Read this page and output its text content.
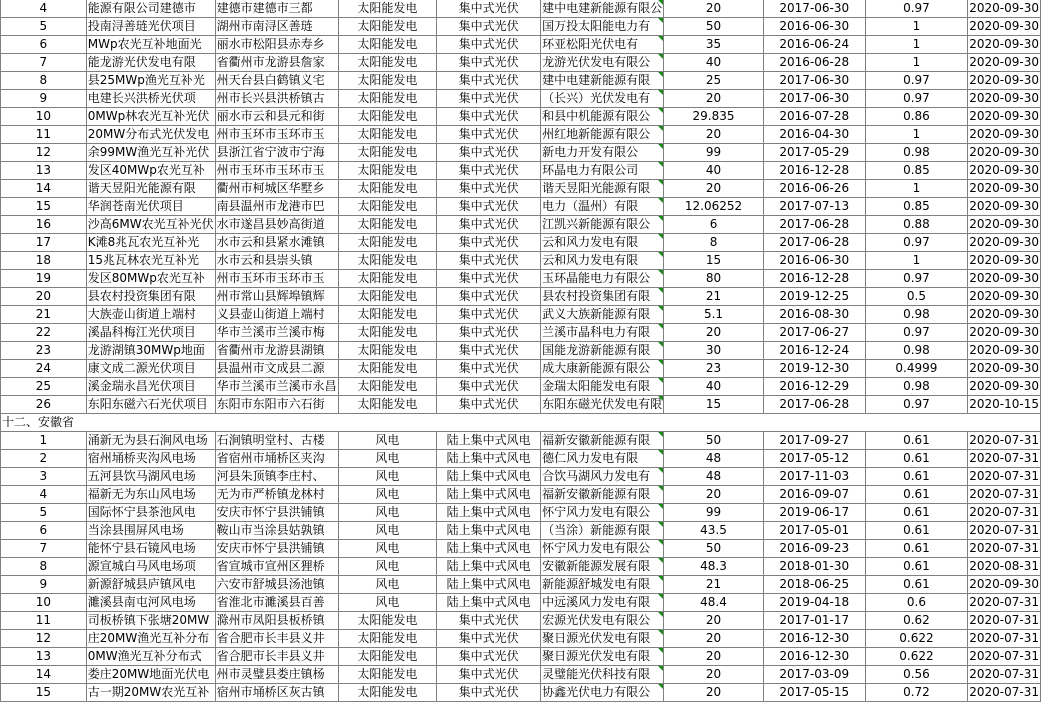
4	能源有限公司建德市	建德市建德市三都	太阳能发电	集中式光伏	建中电建新能源有限公	20	2017-06-30	0.97	2020-09-30
5	投南浔善琏光伏项目	湖州市南浔区善琏	太阳能发电	集中式光伏	国万投太阳能电力有	50	2016-06-30	1	2020-09-30
6	MWp农光互补地面光	丽水市松阳县赤寿乡	太阳能发电	集中式光伏	环亚松阳光伏电有	35	2016-06-24	1	2020-09-30
7	能龙游光伏发电有限	省衢州市龙游县詹家	太阳能发电	集中式光伏	龙游光伏发电有限公	40	2016-06-28	1	2020-09-30
8	县25MWp渔光互补光	州天台县白鹤镇义宅	太阳能发电	集中式光伏	建中电建新能源有限	25	2017-06-30	0.97	2020-09-30
9	电建长兴洪桥光伏项	州市长兴县洪桥镇古	太阳能发电	集中式光伏	（长兴）光伏发电有	20	2017-06-30	0.97	2020-09-30
10	0MWp林农光互补光伏	丽水市云和县元和街	太阳能发电	集中式光伏	和县中机能源有限公	29.835	2016-07-28	0.86	2020-09-30
11	20MW分布式光伏发电	州市玉环市玉环市玉	太阳能发电	集中式光伏	州红地新能源有限公	20	2016-04-30	1	2020-09-30
12	余99MW渔光互补光伏	县浙江省宁波市宁海	太阳能发电	集中式光伏	新电力开发有限公	99	2017-05-29	0.98	2020-09-30
13	发区40MWp农光互补	州市玉环市玉环市玉	太阳能发电	集中式光伏	环晶电力有限公司	40	2016-12-28	0.85	2020-09-30
14	谐天昱阳光能源有限	衢州市柯城区华墅乡	太阳能发电	集中式光伏	谐天昱阳光能源有限	20	2016-06-26	1	2020-09-30
15	华润苍南光伏项目	南县温州市龙港市巴	太阳能发电	集中式光伏	电力（温州）有限	12.06252	2017-07-13	0.85	2020-09-30
16	沙高6MW农光互补光伏	水市遂昌县妙高街道	太阳能发电	集中式光伏	江凯兴新能源有限公	6	2017-06-28	0.88	2020-09-30
17	K滩8兆瓦农光互补光	水市云和县紧水滩镇	太阳能发电	集中式光伏	云和风力发电有限	8	2017-06-28	0.97	2020-09-30
18	15兆瓦林农光互补光	水市云和县崇头镇	太阳能发电	集中式光伏	云和风力发电有限	15	2016-06-30	1	2020-09-30
19	发区80MWp农光互补	州市玉环市玉环市玉	太阳能发电	集中式光伏	玉环晶能电力有限公	80	2016-12-28	0.97	2020-09-30
20	县农村投资集团有限	州市常山县辉埠镇辉	太阳能发电	集中式光伏	县农村投资集团有限	21	2019-12-25	0.5	2020-09-30
21	大族壶山街道上端村	义县壶山街道上端村	太阳能发电	集中式光伏	武义大族新能源有限	5.1	2016-08-30	0.98	2020-09-30
22	溪晶科梅江光伏项目	华市兰溪市兰溪市梅	太阳能发电	集中式光伏	兰溪市晶科电力有限	20	2017-06-27	0.97	2020-09-30
23	龙游湖镇30MWp地面	省衢州市龙游县湖镇	太阳能发电	集中式光伏	国能龙游新能源有限	30	2016-12-24	0.98	2020-09-30
24	康文成二源光伏项目	县温州市文成县二源	太阳能发电	集中式光伏	成大康新能源有限公	23	2019-12-30	0.4999	2020-09-30
25	溪金瑞永昌光伏项目	华市兰溪市兰溪市永昌	太阳能发电	集中式光伏	金瑞太阳能发电有限	40	2016-12-29	0.98	2020-09-30
26	东阳东磁六石光伏项目	东阳市东阳市六石街	太阳能发电	集中式光伏	东阳东磁光伏发电有限	15	2017-06-28	0.97	2020-10-15
十二、安徽省									
1	涌新无为县石涧风电场	石涧镇明堂村、古楼	风电	陆上集中式风电	福新安徽新能源有限	50	2017-09-27	0.61	2020-07-31
2	宿州埇桥夹沟风电场	省宿州市埇桥区夹沟	风电	陆上集中式风电	德仁风力发电有限	48	2017-05-12	0.61	2020-07-31
3	五河县饮马湖风电场	河县朱顶镇李庄村、	风电	陆上集中式风电	合饮马湖风力发电有	48	2017-11-03	0.61	2020-07-31
4	福新无为东山风电场	无为市严桥镇龙林村	风电	陆上集中式风电	福新安徽新能源有限	20	2016-09-07	0.61	2020-07-31
5	国际怀宁县茶池风电	安庆市怀宁县洪铺镇	风电	陆上集中式风电	怀宁风力发电有限公	99	2019-06-17	0.61	2020-07-31
6	当涂县围屏风电场	鞍山市当涂县姑孰镇	风电	陆上集中式风电	（当涂）新能源有限	43.5	2017-05-01	0.61	2020-07-31
7	能怀宁县石镜风电场	安庆市怀宁县洪铺镇	风电	陆上集中式风电	怀宁风力发电有限公	50	2016-09-23	0.61	2020-07-31
8	源宣城白马风电场项	省宣城市宣州区狸桥	风电	陆上集中式风电	安徽新能源发展有限	48.3	2018-01-30	0.61	2020-08-31
9	新源舒城县庐镇风电	六安市舒城县汤池镇	风电	陆上集中式风电	新能源舒城发电有限	21	2018-06-25	0.61	2020-09-30
10	濉溪县南屯河风电场	省淮北市濉溪县百善	风电	陆上集中式风电	中远溪风力发电有限	48.4	2019-04-18	0.6	2020-07-31
11	司板桥镇下张塘20MW	滁州市凤阳县板桥镇	太阳能发电	集中式光伏	宏源光伏发电有限公	20	2017-01-17	0.62	2020-07-31
12	庄20MW渔光互补分布	省合肥市长丰县义井	太阳能发电	集中式光伏	聚日源光伏发电有限	20	2016-12-30	0.622	2020-07-31
13	0MW渔光互补分布式	省合肥市长丰县义井	太阳能发电	集中式光伏	聚日源光伏发电有限	20	2016-12-30	0.622	2020-07-31
14	娄庄20MW地面光伏电	州市灵璧县娄庄镇杨	太阳能发电	集中式光伏	灵璧能光伏科技有限	20	2017-03-09	0.56	2020-07-31
15	古一期20MW农光互补	宿州市埇桥区灰古镇	太阳能发电	集中式光伏	协鑫光伏电力有限公	20	2017-05-15	0.72	2020-07-31
